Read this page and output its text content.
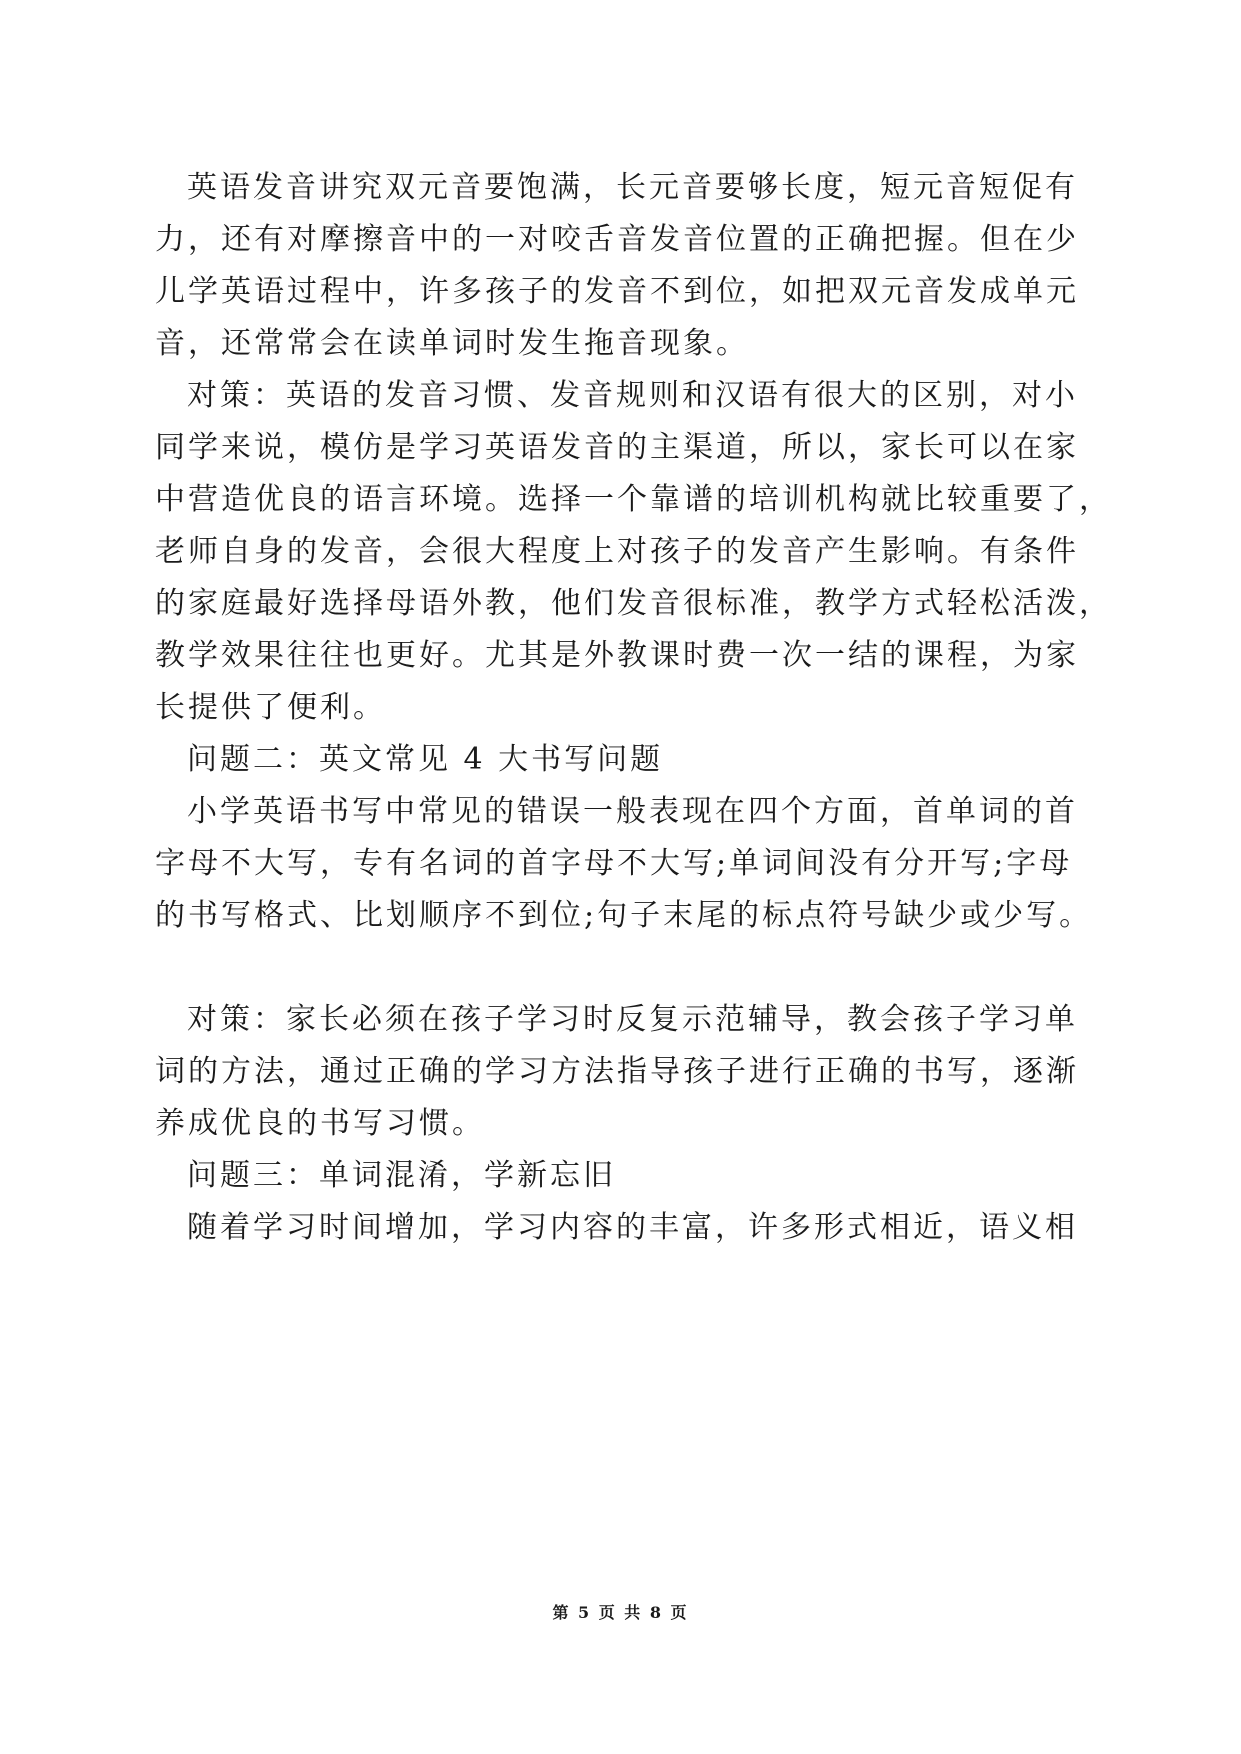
英语发音讲究双元音要饱满，长元音要够长度，短元音短促有
力，还有对摩擦音中的一对咬舌音发音位置的正确把握。但在少
儿学英语过程中，许多孩子的发音不到位，如把双元音发成单元
音，还常常会在读单词时发生拖音现象。
对策：英语的发音习惯、发音规则和汉语有很大的区别，对小
同学来说，模仿是学习英语发音的主渠道，所以，家长可以在家
中营造优良的语言环境。选择一个靠谱的培训机构就比较重要了，
老师自身的发音，会很大程度上对孩子的发音产生影响。有条件
的家庭最好选择母语外教，他们发音很标准，教学方式轻松活泼，
教学效果往往也更好。尤其是外教课时费一次一结的课程，为家
长提供了便利。
问题二：英文常见 4 大书写问题
小学英语书写中常见的错误一般表现在四个方面，首单词的首
字母不大写，专有名词的首字母不大写;单词间没有分开写;字母
的书写格式、比划顺序不到位;句子末尾的标点符号缺少或少写。
对策：家长必须在孩子学习时反复示范辅导，教会孩子学习单
词的方法，通过正确的学习方法指导孩子进行正确的书写，逐渐
养成优良的书写习惯。
问题三：单词混淆，学新忘旧
随着学习时间增加，学习内容的丰富，许多形式相近，语义相
第 5 页 共 8 页
